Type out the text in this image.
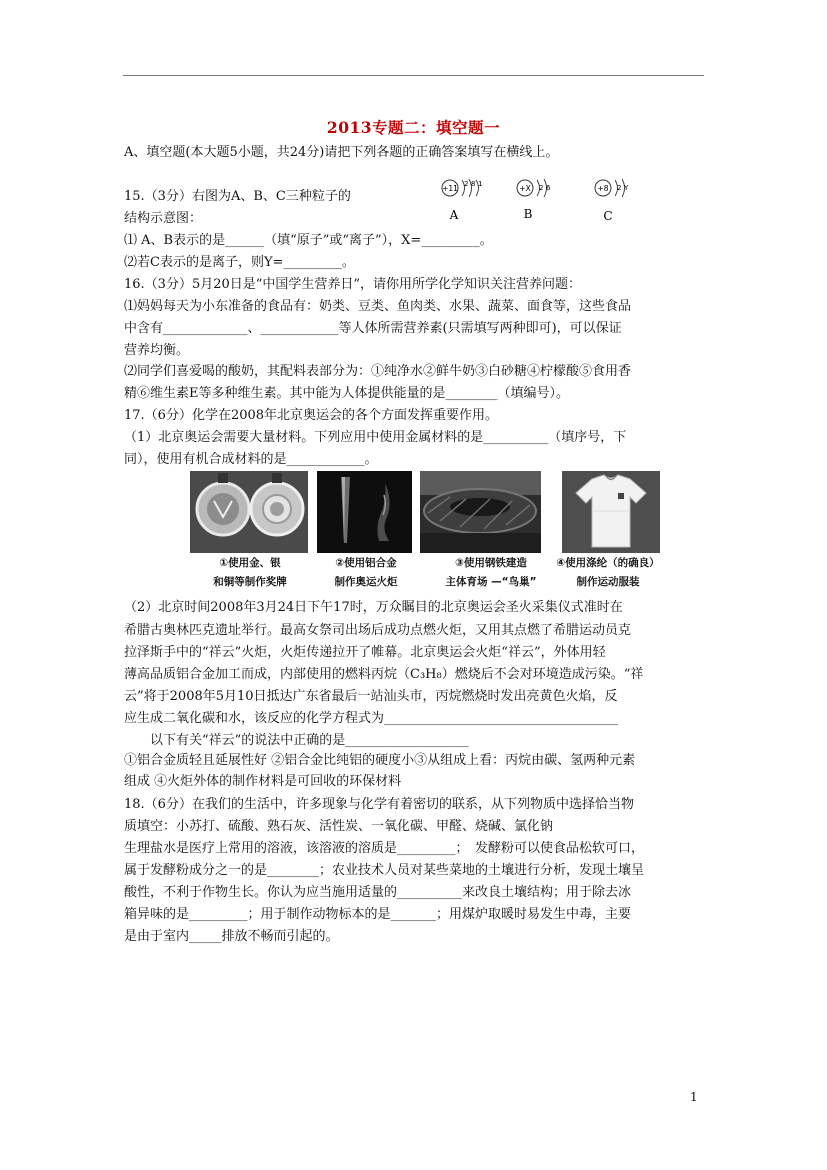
2013专题二：填空题一
A、填空题(本大题5小题，共24分)请把下列各题的正确答案填写在横线上。
15.（3分）右图为A、B、C三种粒子的
结构示意图：
⑴ A、B表示的是______（填“原子”或“离子”），X=_________。
⑵若C表示的是离子，则Y=_________。
16.（3分）5月20日是“中国学生营养日”，请你用所学化学知识关注营养问题：
⑴妈妈每天为小东准备的食品有：奶类、豆类、鱼肉类、水果、蔬菜、面食等，这些食品
中含有_____________、____________等人体所需营养素(只需填写两种即可)，可以保证
营养均衡。
⑵同学们喜爱喝的酸奶，其配料表部分为：①纯净水②鲜牛奶③白砂糖④柠檬酸⑤食用香
精⑥维生素E等多种维生素。其中能为人体提供能量的是________（填编号）。
17.（6分）化学在2008年北京奥运会的各个方面发挥重要作用。
（1）北京奥运会需要大量材料。下列应用中使用金属材料的是__________（填序号，下
同），使用有机合成材料的是____________。
+11 2 8 1
A
+X 2 6
B
+8 2 Y
C
①使用金、银
和铜等制作奖牌
②使用铝合金
制作奥运火炬
③使用钢铁建造
主体育场 —“鸟巢”
④使用涤纶（的确良）
制作运动服装
（2）北京时间2008年3月24日下午17时，万众瞩目的北京奥运会圣火采集仪式准时在
希腊古奥林匹克遗址举行。最高女祭司出场后成功点燃火炬，又用其点燃了希腊运动员克
拉泽斯手中的“祥云”火炬，火炬传递拉开了帷幕。北京奥运会火炬“祥云”，外体用轻
薄高品质铝合金加工而成，内部使用的燃料丙烷（C₃H₈）燃烧后不会对环境造成污染。“祥
云”将于2008年5月10日抵达广东省最后一站汕头市，丙烷燃烧时发出亮黄色火焰，反
应生成二氧化碳和水，该反应的化学方程式为____________________________________
　　以下有关“祥云”的说法中正确的是___________________
①铝合金质轻且延展性好 ②铝合金比纯铝的硬度小③从组成上看：丙烷由碳、氢两种元素
组成 ④火炬外体的制作材料是可回收的环保材料
18.（6分）在我们的生活中，许多现象与化学有着密切的联系，从下列物质中选择恰当物
质填空：小苏打、硫酸、熟石灰、活性炭、一氧化碳、甲醛、烧碱、氯化钠
生理盐水是医疗上常用的溶液，该溶液的溶质是_________；　发酵粉可以使食品松软可口，
属于发酵粉成分之一的是________；农业技术人员对某些菜地的土壤进行分析，发现土壤呈
酸性，不利于作物生长。你认为应当施用适量的__________来改良土壤结构；用于除去冰
箱异味的是_________；用于制作动物标本的是_______；用煤炉取暖时易发生中毒，主要
是由于室内_____排放不畅而引起的。
1
